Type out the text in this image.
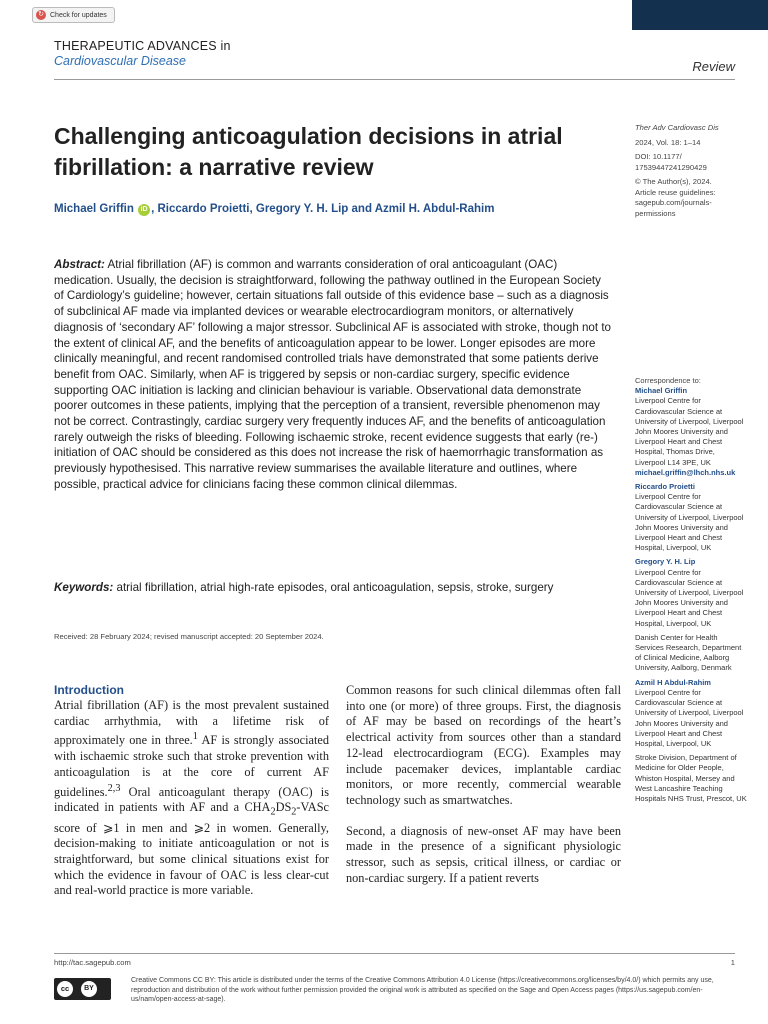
↻ Check for updates
THERAPEUTIC ADVANCES in
Cardiovascular Disease	Review
Challenging anticoagulation decisions in atrial fibrillation: a narrative review
Michael Griffin iD , Riccardo Proietti, Gregory Y. H. Lip and Azmil H. Abdul-Rahim

Ther Adv Cardiovasc Dis

2024, Vol. 18: 1–14

DOI: 10.1177/ 17539447241290429

© The Author(s), 2024.

Article reuse guidelines: sagepub.com/journals-permissions

Abstract: Atrial fibrillation (AF) is common and warrants consideration of oral anticoagulant (OAC) medication. Usually, the decision is straightforward, following the pathway outlined in the European Society of Cardiology’s guideline; however, certain situations fall outside of this evidence base – such as a diagnosis of subclinical AF made via implanted devices or wearable electrocardiogram monitors, or alternatively diagnosis of ‘secondary AF’ following a major stressor. Subclinical AF is associated with stroke, though not to the extent of clinical AF, and the benefits of anticoagulation appear to be lower. Longer episodes are more clinically meaningful, and recent randomised controlled trials have demonstrated that some patients derive benefit from OAC. Similarly, when AF is triggered by sepsis or non-cardiac surgery, specific evidence supporting OAC initiation is lacking and clinician behaviour is variable. Observational data demonstrate poorer outcomes in these patients, implying that the perception of a transient, reversible phenomenon may not be correct. Contrastingly, cardiac surgery very frequently induces AF, and the benefits of anticoagulation rarely outweigh the risks of bleeding. Following ischaemic stroke, recent evidence suggests that early (re-) initiation of OAC should be considered as this does not increase the risk of haemorrhagic transformation as previously hypothesised. This narrative review summarises the available literature and outlines, where possible, practical advice for clinicians facing these common clinical dilemmas.
Keywords: atrial fibrillation, atrial high-rate episodes, oral anticoagulation, sepsis, stroke, surgery
Received: 28 February 2024; revised manuscript accepted: 20 September 2024.
Introduction

Atrial fibrillation (AF) is the most prevalent sustained cardiac arrhythmia, with a lifetime risk of approximately one in three.$^1$ AF is strongly associated with ischaemic stroke such that stroke prevention with anticoagulation is at the core of current AF guidelines.$^{2,3}$ Oral anticoagulant therapy (OAC) is indicated in patients with AF and a $CHA_2DS_2$-VASc score of ⩾1 in men and ⩾2 in women. Generally, decision-making to initiate anticoagulation or not is straightforward, but some clinical situations exist for which the evidence in favour of OAC is less clear-cut and real-world practice is more variable.

Common reasons for such clinical dilemmas often fall into one (or more) of three groups. First, the diagnosis of AF may be based on recordings of the heart’s electrical activity from sources other than a standard 12-lead electrocardiogram (ECG). Examples may include pacemaker devices, implantable cardiac monitors, or more recently, commercial wearable technology such as smartwatches.

Second, a diagnosis of new-onset AF may have been made in the presence of a significant physiologic stressor, such as sepsis, critical illness, or cardiac or non-cardiac surgery. If a patient reverts

Correspondence to:
Michael Griffin
Liverpool Centre for Cardiovascular Science at University of Liverpool, Liverpool John Moores University and Liverpool Heart and Chest Hospital, Thomas Drive, Liverpool L14 3PE, UK
michael.griffin@lhch.nhs.uk
Riccardo Proietti
Liverpool Centre for Cardiovascular Science at University of Liverpool, Liverpool John Moores University and Liverpool Heart and Chest Hospital, Liverpool, UK
Gregory Y. H. Lip
Liverpool Centre for Cardiovascular Science at University of Liverpool, Liverpool John Moores University and Liverpool Heart and Chest Hospital, Liverpool, UK
Danish Center for Health Services Research, Department of Clinical Medicine, Aalborg University, Aalborg, Denmark
Azmil H Abdul-Rahim
Liverpool Centre for Cardiovascular Science at University of Liverpool, Liverpool John Moores University and Liverpool Heart and Chest Hospital, Liverpool, UK
Stroke Division, Department of Medicine for Older People, Whiston Hospital, Mersey and West Lancashire Teaching Hospitals NHS Trust, Prescot, UK
http://tac.sagepub.com	1
cc	BY
Creative Commons CC BY: This article is distributed under the terms of the Creative Commons Attribution 4.0 License (https://creativecommons.org/licenses/by/4.0/) which permits any use, reproduction and distribution of the work without further permission provided the original work is attributed as specified on the Sage and Open Access pages (https://us.sagepub.com/en-us/nam/open-access-at-sage).
